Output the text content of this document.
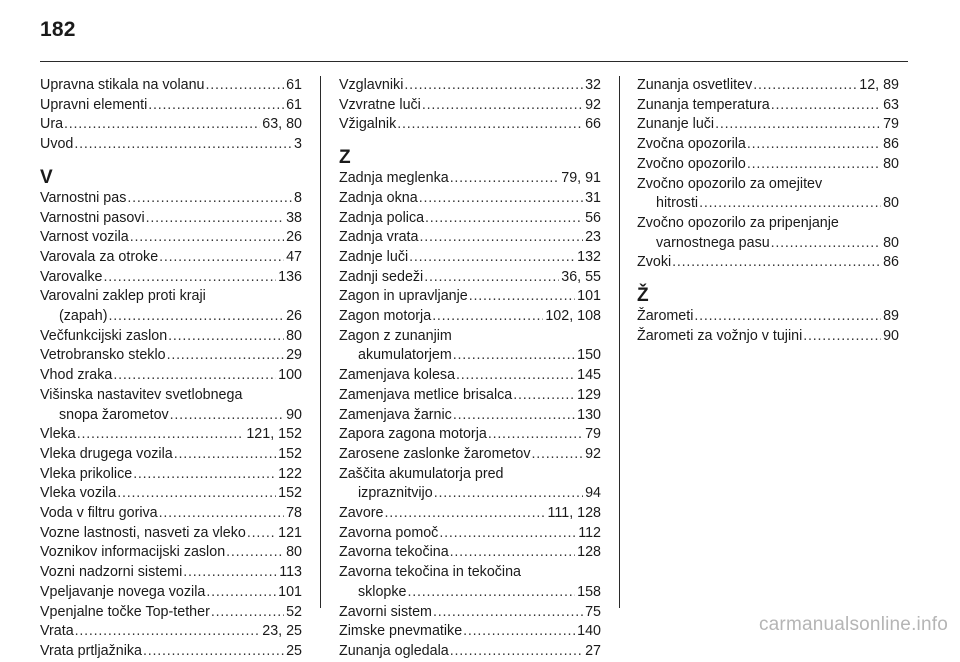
182
Upravna stikala na volanu . . .	61
Upravni elementi . . .	61
Ura . . .	63, 80
Uvod . . .	3
V
Varnostni pas . . .	8
Varnostni pasovi . . .	38
Varnost vozila . . .	26
Varovala za otroke . . .	47
Varovalke . . .	136
Varovalni zaklep proti kraji
(zapah) . . .	26
Večfunkcijski zaslon . . .	80
Vetrobransko steklo . . .	29
Vhod zraka . . .	100
Višinska nastavitev svetlobnega
snopa žarometov . . .	90
Vleka . . .	121, 152
Vleka drugega vozila . . .	152
Vleka prikolice . . .	122
Vleka vozila . . .	152
Voda v filtru goriva . . .	78
Vozne lastnosti, nasveti za vleko . . . 121
Voznikov informacijski zaslon . . .	80
Vozni nadzorni sistemi . . .	113
Vpeljavanje novega vozila . . .	101
Vpenjalne točke Top-tether . . .	52
Vrata . . .	23, 25
Vrata prtljažnika . . .	25
Vzglavniki . . .	32
Vzvratne luči . . .	92
Vžigalnik . . .	66
Z
Zadnja meglenka . . .	79, 91
Zadnja okna . . .	31
Zadnja polica . . .	56
Zadnja vrata . . .	23
Zadnje luči . . .	132
Zadnji sedeži . . .	36, 55
Zagon in upravljanje . . .	101
Zagon motorja . . .	102, 108
Zagon z zunanjim
akumulatorjem . . .	150
Zamenjava kolesa . . .	145
Zamenjava metlice brisalca . . .	129
Zamenjava žarnic . . .	130
Zapora zagona motorja . . .	79
Zarosene zaslonke žarometov . . .	92
Zaščita akumulatorja pred
izpraznitvijo . . .	94
Zavore . . .	111, 128
Zavorna pomoč . . .	112
Zavorna tekočina . . .	128
Zavorna tekočina in tekočina
sklopke . . .	158
Zavorni sistem . . .	75
Zimske pnevmatike . . .	140
Zunanja ogledala . . .	27
Zunanja osvetlitev . . .	12, 89
Zunanja temperatura . . .	63
Zunanje luči . . .	79
Zvočna opozorila . . .	86
Zvočno opozorilo . . .	80
Zvočno opozorilo za omejitev
hitrosti . . .	80
Zvočno opozorilo za pripenjanje
varnostnega pasu . . .	80
Zvoki . . .	86
Ž
Žarometi . . .	89
Žarometi za vožnjo v tujini . . .	90
carmanualsonline.info
